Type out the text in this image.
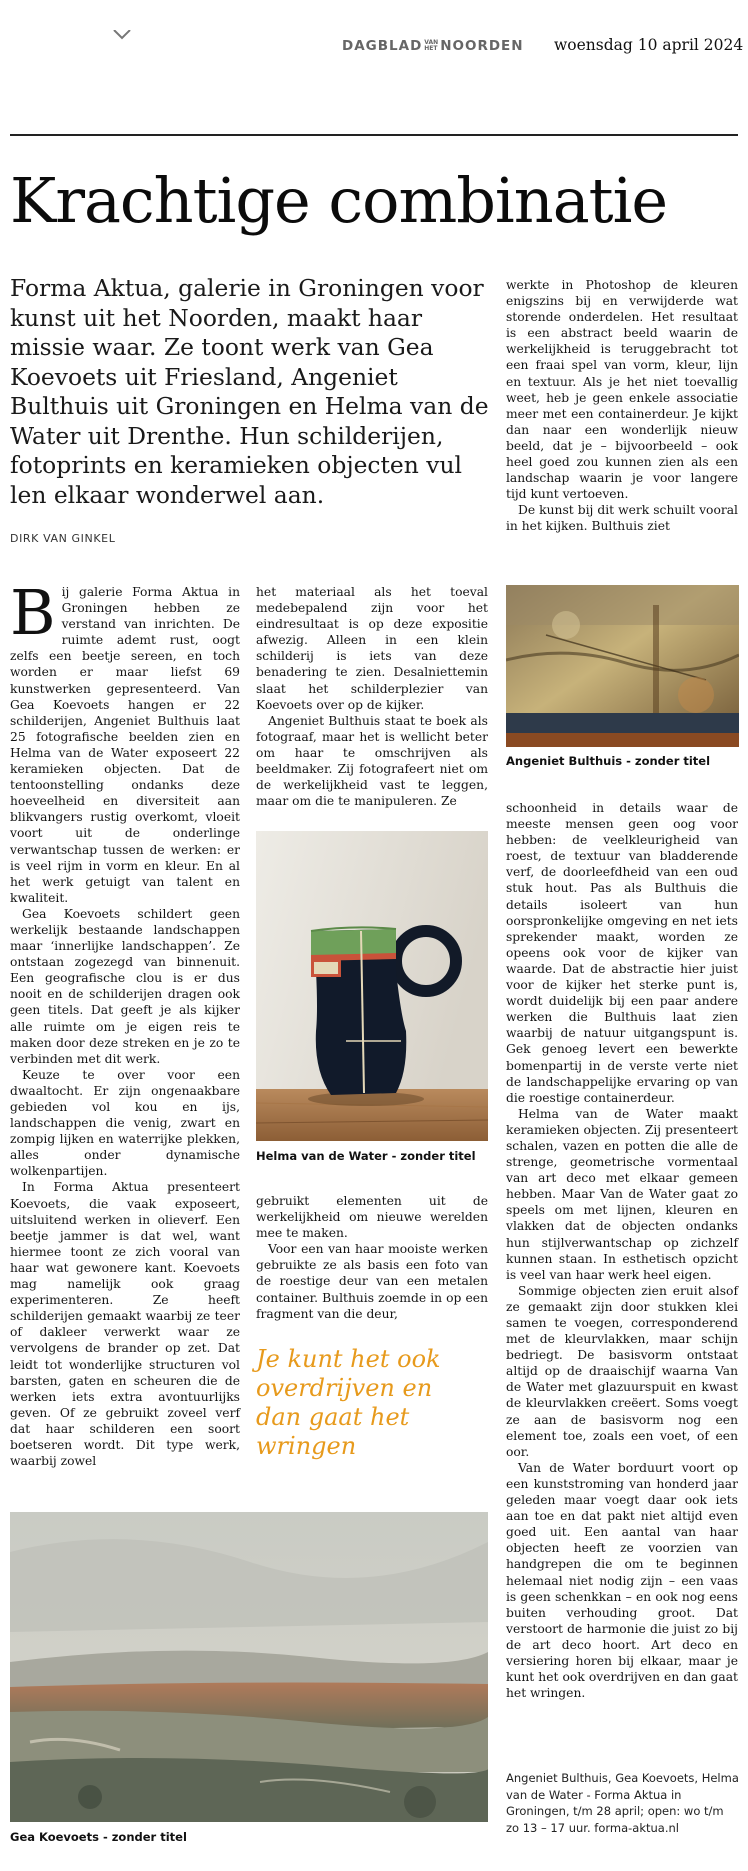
DAGBLAD VAN
HET NOORDEN woensdag 10 april 2024
Krachtige combinatie
Forma Aktua, galerie in Groningen voor kunst uit het Noorden, maakt haar missie waar. Ze toont werk van Gea Koevoets uit Friesland, Angeniet Bulthuis uit Groningen en Helma van de Water uit Drenthe. Hun schilderijen, fotoprints en keramieken objecten vul len elkaar wonderwel aan.
DIRK VAN GINKEL

Bij galerie Forma Aktua in Groningen hebben ze verstand van inrichten. De ruimte ademt rust, oogt zelfs een beetje sereen, en toch worden er maar liefst 69 kunstwerken gepresenteerd. Van Gea Koevoets hangen er 22 schilderijen, Angeniet Bulthuis laat 25 fotografische beelden zien en Helma van de Water exposeert 22 keramieken objecten. Dat de tentoonstelling ondanks deze hoeveelheid en diversiteit aan blikvangers rustig overkomt, vloeit voort uit de onderlinge verwantschap tussen de werken: er is veel rijm in vorm en kleur. En al het werk getuigt van talent en kwaliteit.

Gea Koevoets schildert geen werkelijk bestaande landschappen maar ‘innerlijke landschappen’. Ze ontstaan zogezegd van binnenuit. Een geografische clou is er dus nooit en de schilderijen dragen ook geen titels. Dat geeft je als kijker alle ruimte om je eigen reis te maken door deze streken en je zo te verbinden met dit werk.

Keuze te over voor een dwaaltocht. Er zijn ongenaakbare gebieden vol kou en ijs, landschappen die venig, zwart en zompig lijken en waterrijke plekken, alles onder dynamische wolkenpartijen.

In Forma Aktua presenteert Koevoets, die vaak exposeert, uitsluitend werken in olieverf. Een beetje jammer is dat wel, want hiermee toont ze zich vooral van haar wat gewonere kant. Koevoets mag namelijk ook graag experimenteren. Ze heeft schilderijen gemaakt waarbij ze teer of dakleer verwerkt waar ze vervolgens de brander op zet. Dat leidt tot wonderlijke structuren vol barsten, gaten en scheuren die de werken iets extra avontuurlijks geven. Of ze gebruikt zoveel verf dat haar schilderen een soort boetseren wordt. Dit type werk, waarbij zowel

het materiaal als het toeval medebepalend zijn voor het eindresultaat is op deze expositie afwezig. Alleen in een klein schilderij is iets van deze benadering te zien. Desalniettemin slaat het schilderplezier van Koevoets over op de kijker.

Angeniet Bulthuis staat te boek als fotograaf, maar het is wellicht beter om haar te omschrijven als beeldmaker. Zij fotografeert niet om de werkelijkheid vast te leggen, maar om die te manipuleren. Ze

Helma van de Water - zonder titel

gebruikt elementen uit de werkelijkheid om nieuwe werelden mee te maken.

Voor een van haar mooiste werken gebruikte ze als basis een foto van de roestige deur van een metalen container. Bulthuis zoemde in op een fragment van die deur,

Je kunt het ook overdrijven en dan gaat het wringen

werkte in Photoshop de kleuren enigszins bij en verwijderde wat storende onderdelen. Het resultaat is een abstract beeld waarin de werkelijkheid is teruggebracht tot een fraai spel van vorm, kleur, lijn en textuur. Als je het niet toevallig weet, heb je geen enkele associatie meer met een containerdeur. Je kijkt dan naar een wonderlijk nieuw beeld, dat je – bijvoorbeeld – ook heel goed zou kunnen zien als een landschap waarin je voor langere tijd kunt vertoeven.

De kunst bij dit werk schuilt vooral in het kijken. Bulthuis ziet

Angeniet Bulthuis - zonder titel

schoonheid in details waar de meeste mensen geen oog voor hebben: de veelkleurigheid van roest, de textuur van bladderende verf, de doorleefdheid van een oud stuk hout. Pas als Bulthuis die details isoleert van hun oorspronkelijke omgeving en net iets sprekender maakt, worden ze opeens ook voor de kijker van waarde. Dat de abstractie hier juist voor de kijker het sterke punt is, wordt duidelijk bij een paar andere werken die Bulthuis laat zien waarbij de natuur uitgangspunt is. Gek genoeg levert een bewerkte bomenpartij in de verste verte niet de landschappelijke ervaring op van die roestige containerdeur.

Helma van de Water maakt keramieken objecten. Zij presenteert schalen, vazen en potten die alle de strenge, geometrische vormentaal van art deco met elkaar gemeen hebben. Maar Van de Water gaat zo speels om met lijnen, kleuren en vlakken dat de objecten ondanks hun stijlverwantschap op zichzelf kunnen staan. In esthetisch opzicht is veel van haar werk heel eigen.

Sommige objecten zien eruit alsof ze gemaakt zijn door stukken klei samen te voegen, corresponderend met de kleurvlakken, maar schijn bedriegt. De basisvorm ontstaat altijd op de draaischijf waarna Van de Water met glazuurspuit en kwast de kleurvlakken creëert. Soms voegt ze aan de basisvorm nog een element toe, zoals een voet, of een oor.

Van de Water borduurt voort op een kunststroming van honderd jaar geleden maar voegt daar ook iets aan toe en dat pakt niet altijd even goed uit. Een aantal van haar objecten heeft ze voorzien van handgrepen die om te beginnen helemaal niet nodig zijn – een vaas is geen schenkkan – en ook nog eens buiten verhouding groot. Dat verstoort de harmonie die juist zo bij de art deco hoort. Art deco en versiering horen bij elkaar, maar je kunt het ook overdrijven en dan gaat het wringen.

Gea Koevoets - zonder titel
Angeniet Bulthuis, Gea Koevoets, Helma van de Water - Forma Aktua in Groningen, t/m 28 april; open: wo t/m zo 13 – 17 uur. forma-aktua.nl
